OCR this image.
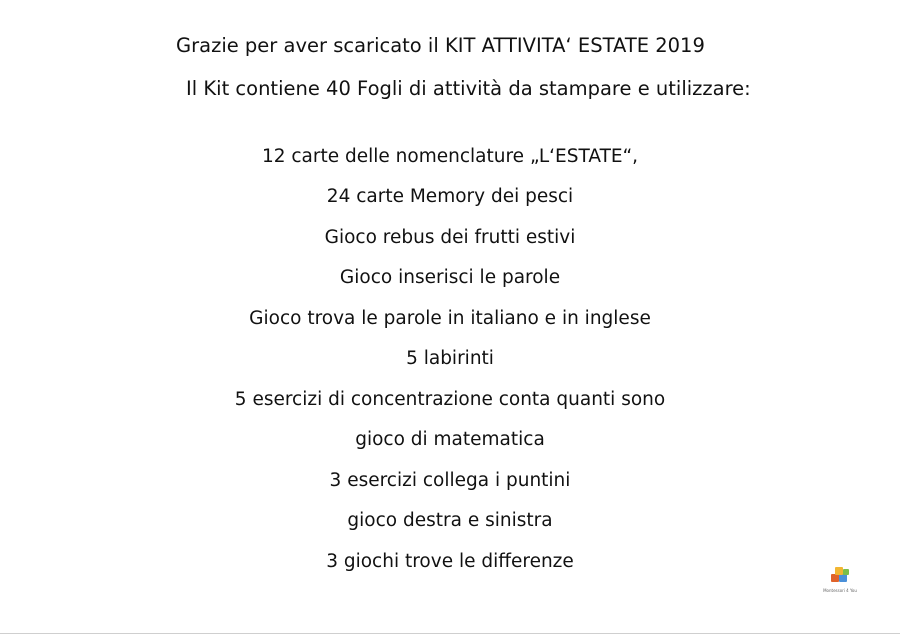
Grazie per aver scaricato il KIT ATTIVITA‘ ESTATE 2019
Il Kit contiene 40 Fogli di attività da stampare e utilizzare:
12 carte delle nomenclature „L‘ESTATE“,
24 carte Memory dei pesci
Gioco rebus dei frutti estivi
Gioco inserisci le parole
Gioco trova le parole in italiano e in inglese
5 labirinti
5 esercizi di concentrazione conta quanti sono
gioco di matematica
3 esercizi collega i puntini
gioco destra e sinistra
3 giochi trove le differenze
Montessori 4 You
